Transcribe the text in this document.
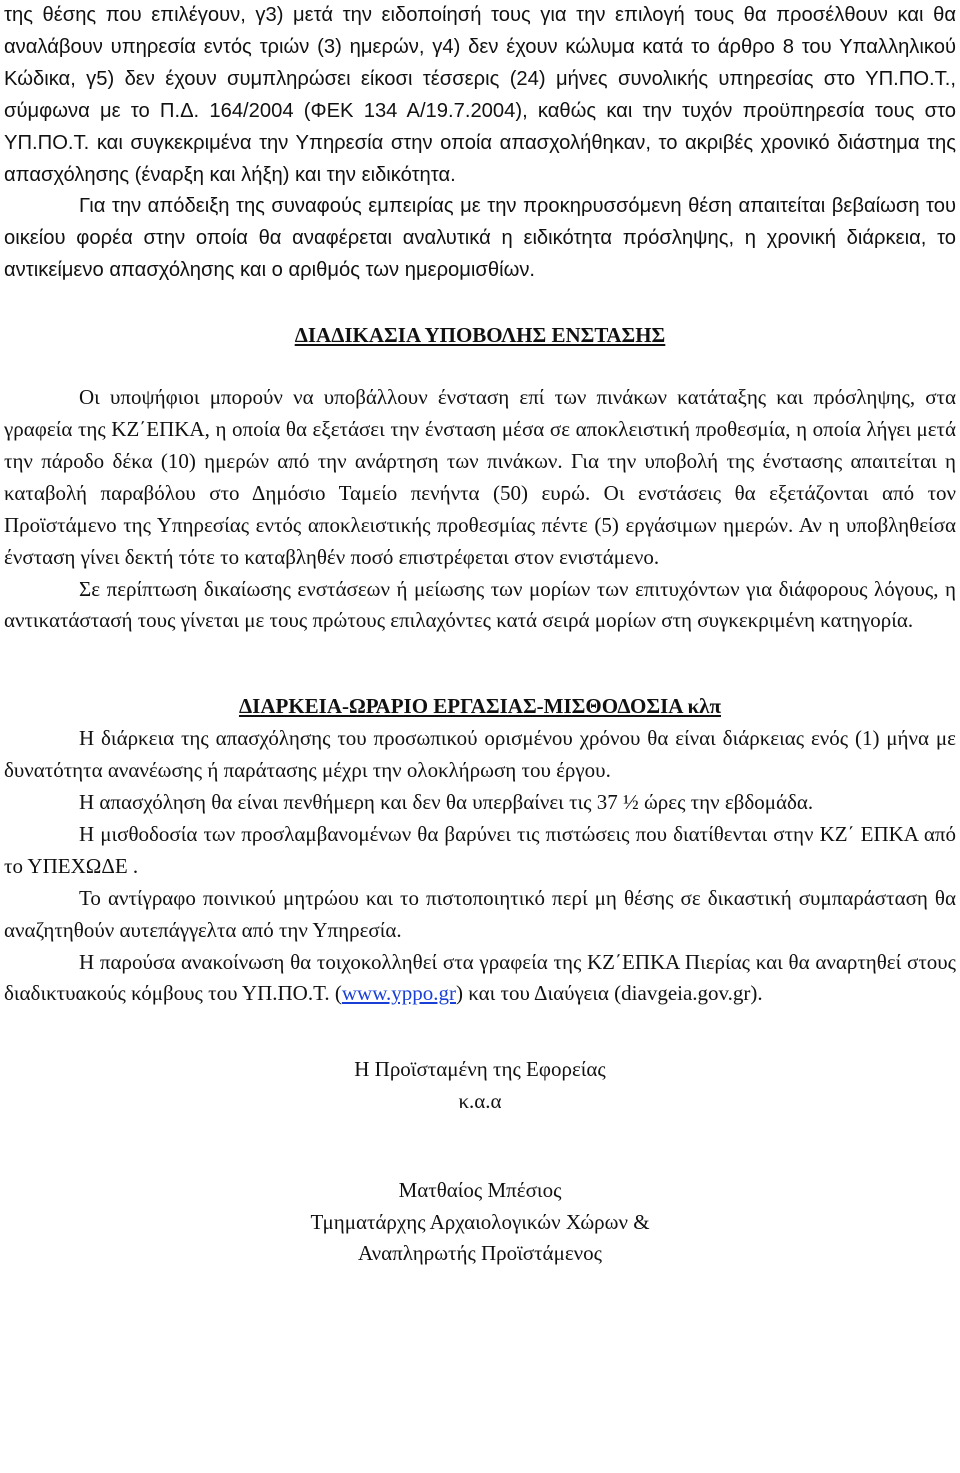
της θέσης που επιλέγουν, γ3) μετά την ειδοποίησή τους για την επιλογή τους θα προσέλθουν και θα αναλάβουν υπηρεσία εντός τριών (3) ημερών, γ4) δεν έχουν κώλυμα κατά το άρθρο 8 του Υπαλληλικού Κώδικα, γ5) δεν έχουν συμπληρώσει είκοσι τέσσερις (24) μήνες συνολικής υπηρεσίας στο ΥΠ.ΠΟ.Τ., σύμφωνα με το Π.Δ. 164/2004 (ΦΕΚ 134 Α/19.7.2004), καθώς και την τυχόν προϋπηρεσία τους στο ΥΠ.ΠΟ.Τ. και συγκεκριμένα την Υπηρεσία στην οποία απασχολήθηκαν, το ακριβές χρονικό διάστημα της απασχόλησης (έναρξη και λήξη) και την ειδικότητα.

Για την απόδειξη της συναφούς εμπειρίας με την προκηρυσσόμενη θέση απαιτείται βεβαίωση του οικείου φορέα στην οποία θα αναφέρεται αναλυτικά η ειδικότητα πρόσληψης, η χρονική διάρκεια, το αντικείμενο απασχόλησης και ο αριθμός των ημερομισθίων.

ΔΙΑΔΙΚΑΣΙΑ ΥΠΟΒΟΛΗΣ ΕΝΣΤΑΣΗΣ

Οι υποψήφιοι μπορούν να υποβάλλουν ένσταση επί των πινάκων κατάταξης και πρόσληψης, στα γραφεία της ΚΖ΄ΕΠΚΑ, η οποία θα εξετάσει την ένσταση μέσα σε αποκλειστική προθεσμία, η οποία λήγει μετά την πάροδο δέκα (10) ημερών από την ανάρτηση των πινάκων. Για την υποβολή της ένστασης απαιτείται η καταβολή παραβόλου στο Δημόσιο Ταμείο πενήντα (50) ευρώ. Οι ενστάσεις θα εξετάζονται από τον Προϊστάμενο της Υπηρεσίας εντός αποκλειστικής προθεσμίας πέντε (5) εργάσιμων ημερών. Αν η υποβληθείσα ένσταση γίνει δεκτή τότε το καταβληθέν ποσό επιστρέφεται στον ενιστάμενο.

Σε περίπτωση δικαίωσης ενστάσεων ή μείωσης των μορίων των επιτυχόντων για διάφορους λόγους, η αντικατάστασή τους γίνεται με τους πρώτους επιλαχόντες κατά σειρά μορίων στη συγκεκριμένη κατηγορία.

ΔΙΑΡΚΕΙΑ-ΩΡΑΡΙΟ ΕΡΓΑΣΙΑΣ-ΜΙΣΘΟΔΟΣΙΑ κλπ

Η διάρκεια της απασχόλησης του προσωπικού ορισμένου χρόνου θα είναι διάρκειας ενός (1) μήνα με δυνατότητα ανανέωσης ή παράτασης μέχρι την ολοκλήρωση του έργου.

Η απασχόληση θα είναι πενθήμερη και δεν θα υπερβαίνει τις 37 ½ ώρες την εβδομάδα.

Η μισθοδοσία των προσλαμβανομένων θα βαρύνει τις πιστώσεις που διατίθενται στην ΚΖ΄ ΕΠΚΑ από το ΥΠΕΧΩΔΕ .

Το αντίγραφο ποινικού μητρώου και το πιστοποιητικό περί μη θέσης σε δικαστική συμπαράσταση θα αναζητηθούν αυτεπάγγελτα από την Υπηρεσία.

Η παρούσα ανακοίνωση θα τοιχοκολληθεί στα γραφεία της ΚΖ΄ΕΠΚΑ Πιερίας και θα αναρτηθεί στους διαδικτυακούς κόμβους του ΥΠ.ΠΟ.Τ. (www.yppo.gr) και του Διαύγεια (diavgeia.gov.gr).

Η Προϊσταμένη της Εφορείας

κ.α.α

Ματθαίος Μπέσιος

Τμηματάρχης Αρχαιολογικών Χώρων &

Αναπληρωτής Προϊστάμενος
